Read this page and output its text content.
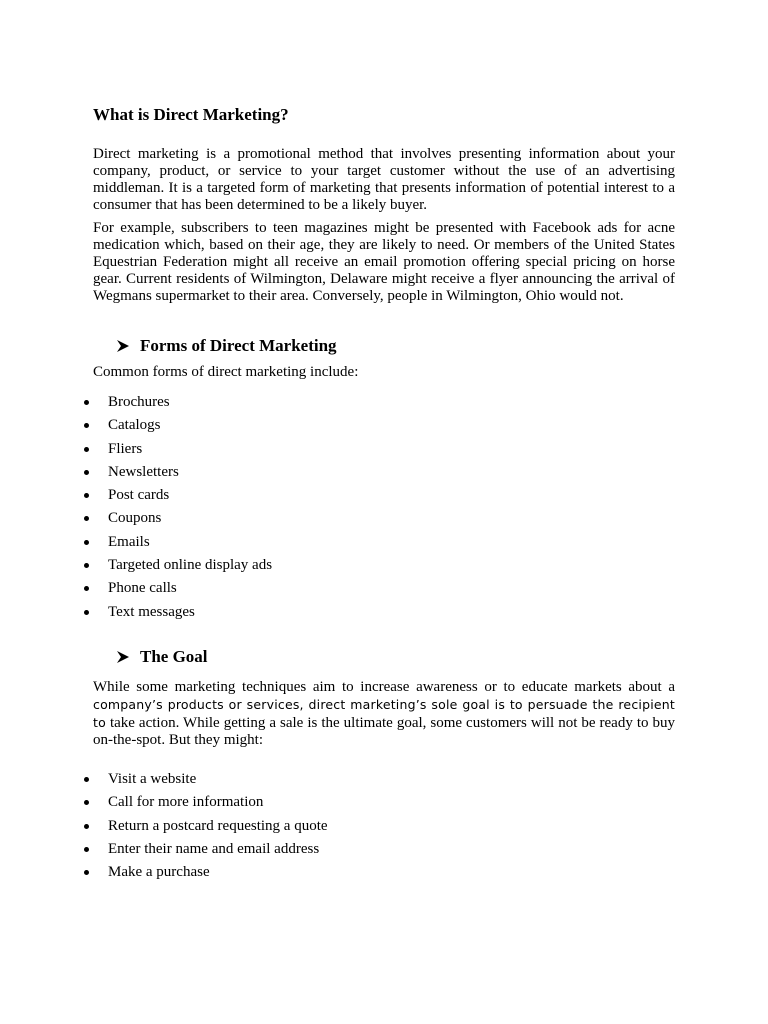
What is Direct Marketing?

Direct marketing is a promotional method that involves presenting information about your company, product, or service to your target customer without the use of an advertising middleman. It is a targeted form of marketing that presents information of potential interest to a consumer that has been determined to be a likely buyer.

For example, subscribers to teen magazines might be presented with Facebook ads for acne medication which, based on their age, they are likely to need. Or members of the United States Equestrian Federation might all receive an email promotion offering special pricing on horse gear. Current residents of Wilmington, Delaware might receive a flyer announcing the arrival of Wegmans supermarket to their area. Conversely, people in Wilmington, Ohio would not.

Forms of Direct Marketing

Common forms of direct marketing include:

Brochures
Catalogs
Fliers
Newsletters
Post cards
Coupons
Emails
Targeted online display ads
Phone calls
Text messages
The Goal

While some marketing techniques aim to increase awareness or to educate markets about a company’s products or services, direct marketing’s sole goal is to persuade the recipient to take action. While getting a sale is the ultimate goal, some customers will not be ready to buy on-the-spot. But they might:

Visit a website
Call for more information
Return a postcard requesting a quote
Enter their name and email address
Make a purchase
